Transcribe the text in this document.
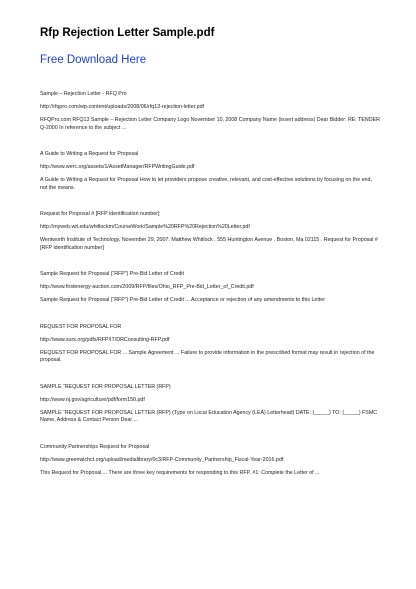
Rfp Rejection Letter Sample.pdf
Free Download Here

Sample – Rejection Letter - RFQ Pro

http://rfqpro.com/wp-content/uploads/2008/06/rfq13-rejection-letter.pdf

RFQPro.com RFQ13 Sample – Rejection Letter Company Logo November 10, 2008 Company Name (insert address) Dear Bidder: RE: TENDER Q-2000 In reference to the subject ...

A Guide to Writing a Request for Proposal

http://www.werc.org/assets/1/AssetManager/RFPWritingGuide.pdf

A Guide to Writing a Request for Proposal How to let providers propose creative, relevant, and cost-effective solutions by focusing on the end, not the means.

Request for Proposal # [RFP identification number]

http://myweb.wit.edu/whitlockm/CourseWork/Sample%20RFP%20Rejection%20Letter.pdf

Wentworth Institute of Technology, November 29, 2007. Matthew Whitlock . 555 Huntington Avenue . Boston, Ma 02115 . Request for Proposal # [RFP identification number]

Sample Request for Proposal (“RFP”) Pre-Bid Letter of Credit

http://www.firstenergy-auction.com/2009/RFP/files/Ohio_RFP_Pre-Bid_Letter_of_Credit.pdf

Sample Request for Proposal (“RFP”) Pre-Bid Letter of Credit ... Acceptance or rejection of any amendments to this Letter

REQUEST FOR PROPOSAL FOR

http://www.surs.org/pdfs/RFP/IT/DRConsulting-RFP.pdf

REQUEST FOR PROPOSAL FOR ... Sample Agreement ... Failure to provide information in the prescribed format may result in rejection of the proposal.

SAMPLE “REQUEST FOR PROPOSAL LETTER (RFP)

http://www.nj.gov/agriculture/pdf/form150.pdf

SAMPLE “REQUEST FOR PROPOSAL LETTER (RFP) (Type on Local Education Agency (LEA) Letterhead) DATE: (_____) TO: (_____) FSMC Name, Address & Contact Person Dear ...

Community Partnerships Request for Proposal

http://www.greenwichct.org/upload/medialibrary/0c3/RFP-Community_Partnership_Fiscal-Year-2016.pdf

This Request for Proposal ... There are three key requirements for responding to this RFP. #1: Complete the Letter of ...
